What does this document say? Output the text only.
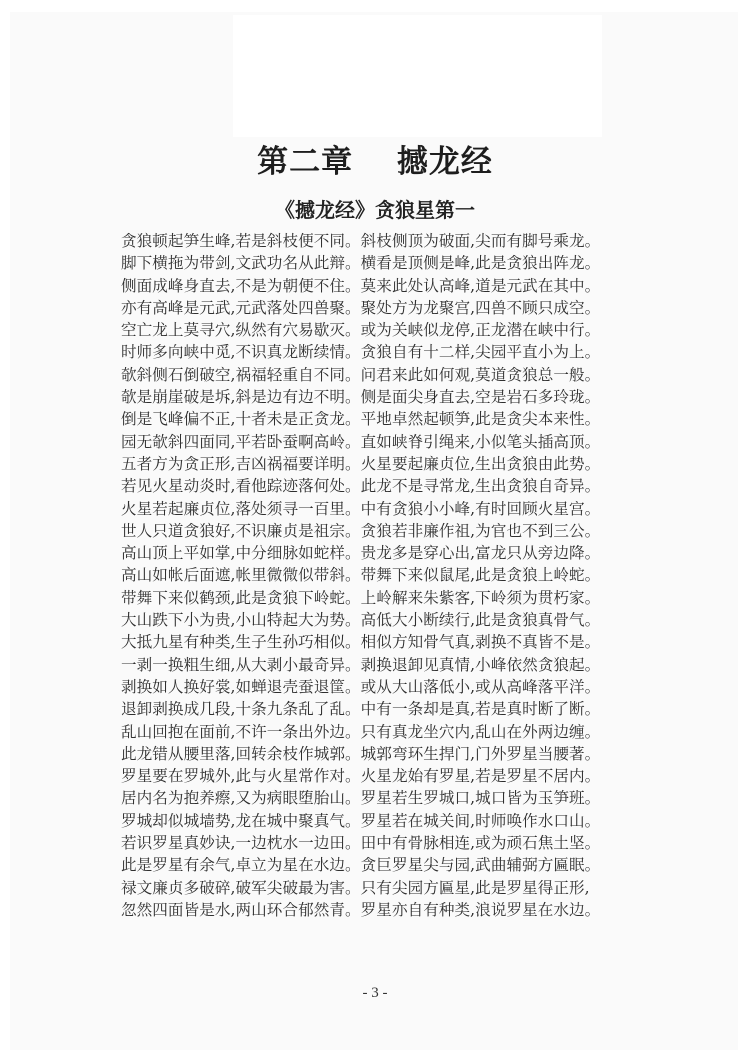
第二章　 撼龙经
《撼龙经》贪狼星第一
贪狼顿起笋生峰,若是斜枝便不同。斜枝侧顶为破面,尖而有脚号乘龙。
脚下横拖为带剑,文武功名从此辩。横看是顶侧是峰,此是贪狼出阵龙。
侧面成峰身直去,不是为朝便不住。莫来此处认高峰,道是元武在其中。
亦有高峰是元武,元武落处四兽聚。聚处方为龙聚宫,四兽不顾只成空。
空亡龙上莫寻穴,纵然有穴易歇灭。或为关峡似龙停,正龙潜在峡中行。
时师多向峡中觅,不识真龙断续情。贪狼自有十二样,尖园平直小为上。
欹斜侧石倒破空,祸福轻重自不同。问君来此如何观,莫道贪狼总一般。
欹是崩崖破是坼,斜是边有边不明。侧是面尖身直去,空是岩石多玲珑。
倒是飞峰偏不正,十者未是正贪龙。平地卓然起顿笋,此是贪尖本来性。
园无欹斜四面同,平若卧蚕啊高岭。直如峡脊引绳来,小似笔头插高顶。
五者方为贪正形,吉凶祸福要详明。火星要起廉贞位,生出贪狼由此势。
若见火星动炎时,看他踪迹落何处。此龙不是寻常龙,生出贪狼自奇异。
火星若起廉贞位,落处须寻一百里。中有贪狼小小峰,有时回顾火星宫。
世人只道贪狼好,不识廉贞是祖宗。贪狼若非廉作祖,为官也不到三公。
高山顶上平如掌,中分细脉如蛇样。贵龙多是穿心出,富龙只从旁边降。
高山如帐后面遮,帐里微微似带斜。带舞下来似鼠尾,此是贪狼上岭蛇。
带舞下来似鹤颈,此是贪狼下岭蛇。上岭解来朱紫客,下岭须为贯朽家。
大山跌下小为贵,小山特起大为势。高低大小断续行,此是贪狼真骨气。
大抵九星有种类,生子生孙巧相似。相似方知骨气真,剥换不真皆不是。
一剥一换粗生细,从大剥小最奇异。剥换退卸见真情,小峰依然贪狼起。
剥换如人换好裳,如蝉退壳蚕退筐。或从大山落低小,或从高峰落平洋。
退卸剥换成几段,十条九条乱了乱。中有一条却是真,若是真时断了断。
乱山回抱在面前,不许一条出外边。只有真龙坐穴内,乱山在外两边缠。
此龙错从腰里落,回转余枝作城郭。城郭弯环生捍门,门外罗星当腰著。
罗星要在罗城外,此与火星常作对。火星龙始有罗星,若是罗星不居内。
居内名为抱养瘵,又为病眼堕胎山。罗星若生罗城口,城口皆为玉笋班。
罗城却似城墙势,龙在城中聚真气。罗星若在城关间,时师唤作水口山。
若识罗星真妙诀,一边枕水一边田。田中有骨脉相连,或为顽石焦土坚。
此是罗星有余气,卓立为星在水边。贪巨罗星尖与园,武曲辅弼方匾眠。
禄文廉贞多破碎,破军尖破最为害。只有尖园方匾星,此是罗星得正形,
忽然四面皆是水,两山环合郁然青。罗星亦自有种类,浪说罗星在水边。
- 3 -
